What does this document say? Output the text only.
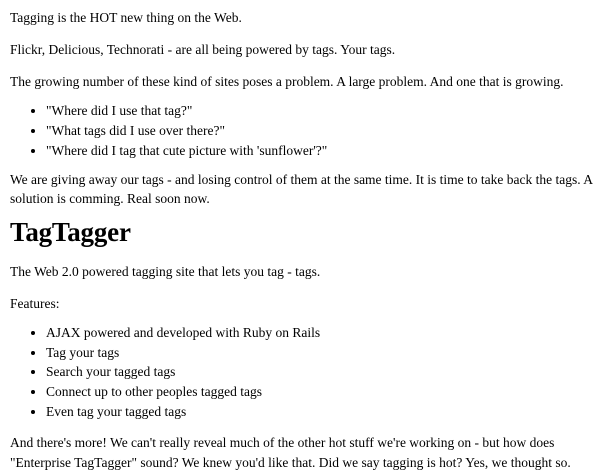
Tagging is the HOT new thing on the Web.

Flickr, Delicious, Technorati - are all being powered by tags. Your tags.

The growing number of these kind of sites poses a problem. A large problem. And one that is growing.

• "Where did I use that tag?"
• "What tags did I use over there?"
• "Where did I tag that cute picture with 'sunflower'?"

We are giving away our tags - and losing control of them at the same time. It is time to take back the tags. A solution is comming. Real soon now.

TagTagger

The Web 2.0 powered tagging site that lets you tag - tags.

Features:

• AJAX powered and developed with Ruby on Rails
• Tag your tags
• Search your tagged tags
• Connect up to other peoples tagged tags
• Even tag your tagged tags

And there's more! We can't really reveal much of the other hot stuff we're working on - but how does "Enterprise TagTagger" sound? We knew you'd like that. Did we say tagging is hot? Yes, we thought so.
